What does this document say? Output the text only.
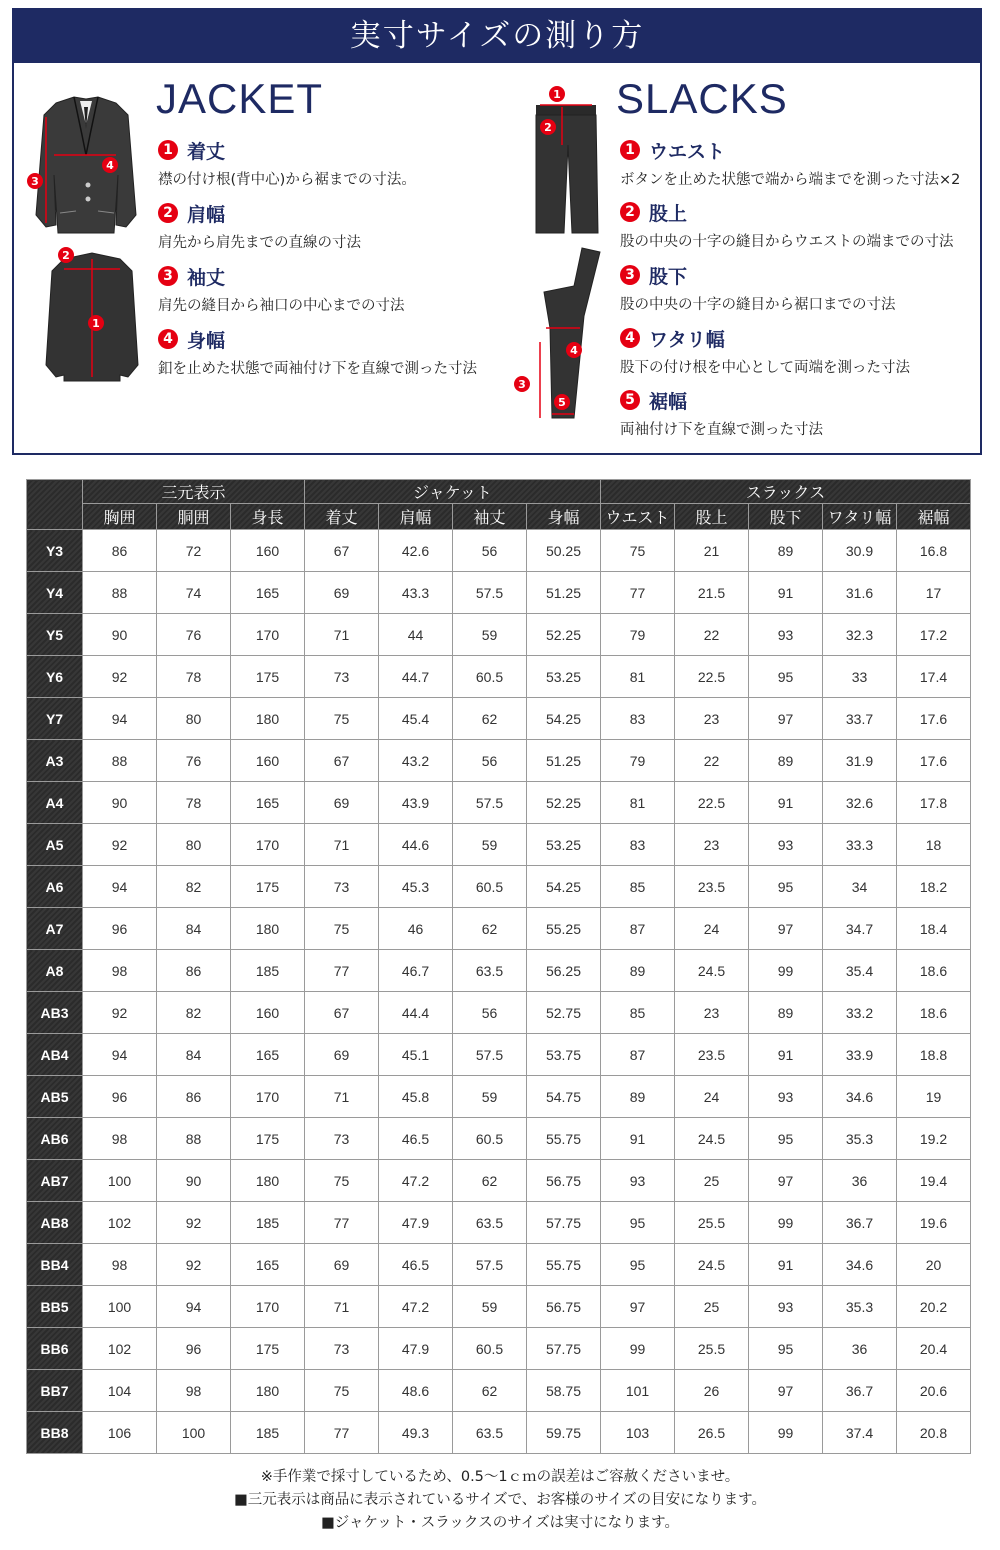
実寸サイズの測り方
3
4
2
1
JACKET
1 着丈
襟の付け根(背中心)から裾までの寸法。
2 肩幅
肩先から肩先までの直線の寸法
3 袖丈
肩先の縫目から袖口の中心までの寸法
4 身幅
釦を止めた状態で両袖付け下を直線で測った寸法
1
2
4
3
5
SLACKS
1 ウエスト
ボタンを止めた状態で端から端までを測った寸法×2
2 股上
股の中央の十字の縫目からウエストの端までの寸法
3 股下
股の中央の十字の縫目から裾口までの寸法
4 ワタリ幅
股下の付け根を中心として両端を測った寸法
5 裾幅
両袖付け下を直線で測った寸法
	三元表示			ジャケット				スラックス				
	胸囲	胴囲	身長	着丈	肩幅	袖丈	身幅	ウエスト	股上	股下	ワタリ幅	裾幅
Y3	86	72	160	67	42.6	56	50.25	75	21	89	30.9	16.8
Y4	88	74	165	69	43.3	57.5	51.25	77	21.5	91	31.6	17
Y5	90	76	170	71	44	59	52.25	79	22	93	32.3	17.2
Y6	92	78	175	73	44.7	60.5	53.25	81	22.5	95	33	17.4
Y7	94	80	180	75	45.4	62	54.25	83	23	97	33.7	17.6
A3	88	76	160	67	43.2	56	51.25	79	22	89	31.9	17.6
A4	90	78	165	69	43.9	57.5	52.25	81	22.5	91	32.6	17.8
A5	92	80	170	71	44.6	59	53.25	83	23	93	33.3	18
A6	94	82	175	73	45.3	60.5	54.25	85	23.5	95	34	18.2
A7	96	84	180	75	46	62	55.25	87	24	97	34.7	18.4
A8	98	86	185	77	46.7	63.5	56.25	89	24.5	99	35.4	18.6
AB3	92	82	160	67	44.4	56	52.75	85	23	89	33.2	18.6
AB4	94	84	165	69	45.1	57.5	53.75	87	23.5	91	33.9	18.8
AB5	96	86	170	71	45.8	59	54.75	89	24	93	34.6	19
AB6	98	88	175	73	46.5	60.5	55.75	91	24.5	95	35.3	19.2
AB7	100	90	180	75	47.2	62	56.75	93	25	97	36	19.4
AB8	102	92	185	77	47.9	63.5	57.75	95	25.5	99	36.7	19.6
BB4	98	92	165	69	46.5	57.5	55.75	95	24.5	91	34.6	20
BB5	100	94	170	71	47.2	59	56.75	97	25	93	35.3	20.2
BB6	102	96	175	73	47.9	60.5	57.75	99	25.5	95	36	20.4
BB7	104	98	180	75	48.6	62	58.75	101	26	97	36.7	20.6
BB8	106	100	185	77	49.3	63.5	59.75	103	26.5	99	37.4	20.8
※手作業で採寸しているため、0.5～1ｃｍの誤差はご容赦くださいませ。
■三元表示は商品に表示されているサイズで、お客様のサイズの目安になります。
■ジャケット・スラックスのサイズは実寸になります。
